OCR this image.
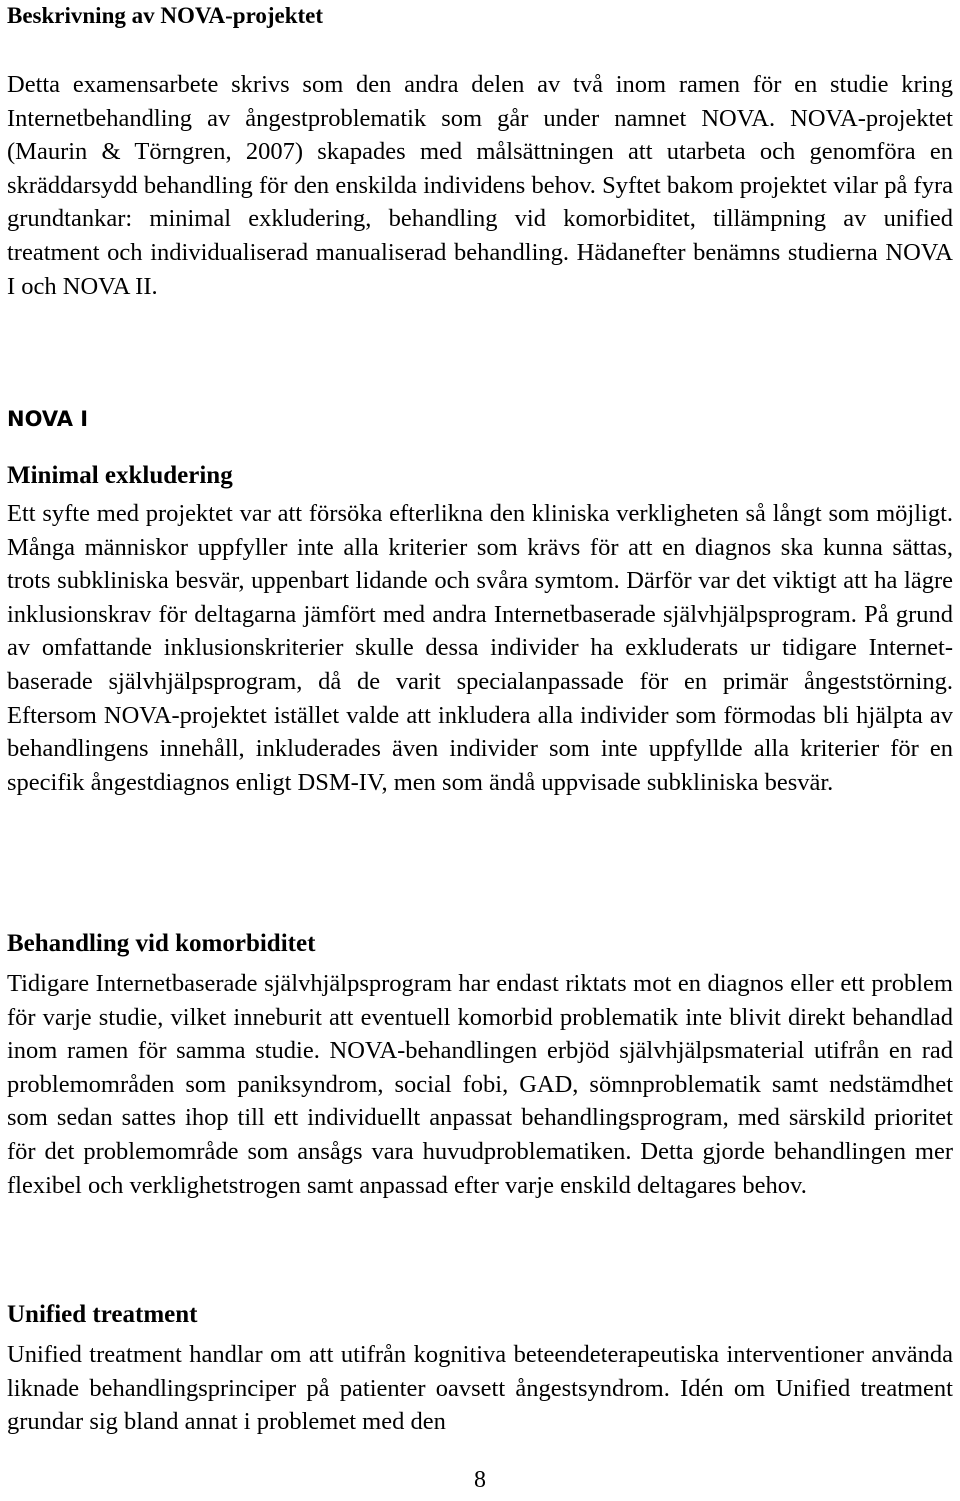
Beskrivning av NOVA-projektet

Detta examensarbete skrivs som den andra delen av två inom ramen för en studie kring Internetbehandling av ångestproblematik som går under namnet NOVA. NOVA-projektet (Maurin & Törngren, 2007) skapades med målsättningen att utarbeta och genomföra en skräddarsydd behandling för den enskilda individens behov. Syftet bakom projektet vilar på fyra grundtankar: minimal exkludering, behandling vid komorbiditet, tillämpning av unified treatment och individualiserad manualiserad behandling. Hädanefter benämns studierna NOVA I och NOVA II.

NOVA I
Minimal exkludering

Ett syfte med projektet var att försöka efterlikna den kliniska verkligheten så långt som möjligt. Många människor uppfyller inte alla kriterier som krävs för att en diagnos ska kunna sättas, trots subkliniska besvär, uppenbart lidande och svåra symtom. Därför var det viktigt att ha lägre inklusionskrav för deltagarna jämfört med andra Internetbaserade självhjälpsprogram. På grund av omfattande inklusionskriterier skulle dessa individer ha exkluderats ur tidigare Internetbaserade självhjälpsprogram, då de varit specialanpassade för en primär ångeststörning. Eftersom NOVA-projektet istället valde att inkludera alla individer som förmodas bli hjälpta av behandlingens innehåll, inkluderades även individer som inte uppfyllde alla kriterier för en specifik ångestdiagnos enligt DSM-IV, men som ändå uppvisade subkliniska besvär.

Behandling vid komorbiditet

Tidigare Internetbaserade självhjälpsprogram har endast riktats mot en diagnos eller ett problem för varje studie, vilket inneburit att eventuell komorbid problematik inte blivit direkt behandlad inom ramen för samma studie. NOVA-behandlingen erbjöd självhjälpsmaterial utifrån en rad problemområden som paniksyndrom, social fobi, GAD, sömnproblematik samt nedstämdhet som sedan sattes ihop till ett individuellt anpassat behandlingsprogram, med särskild prioritet för det problemområde som ansågs vara huvudproblematiken. Detta gjorde behandlingen mer flexibel och verklighetstrogen samt anpassad efter varje enskild deltagares behov.

Unified treatment

Unified treatment handlar om att utifrån kognitiva beteendeterapeutiska interventioner använda liknade behandlingsprinciper på patienter oavsett ångestsyndrom. Idén om Unified treatment grundar sig bland annat i problemet med den

8
